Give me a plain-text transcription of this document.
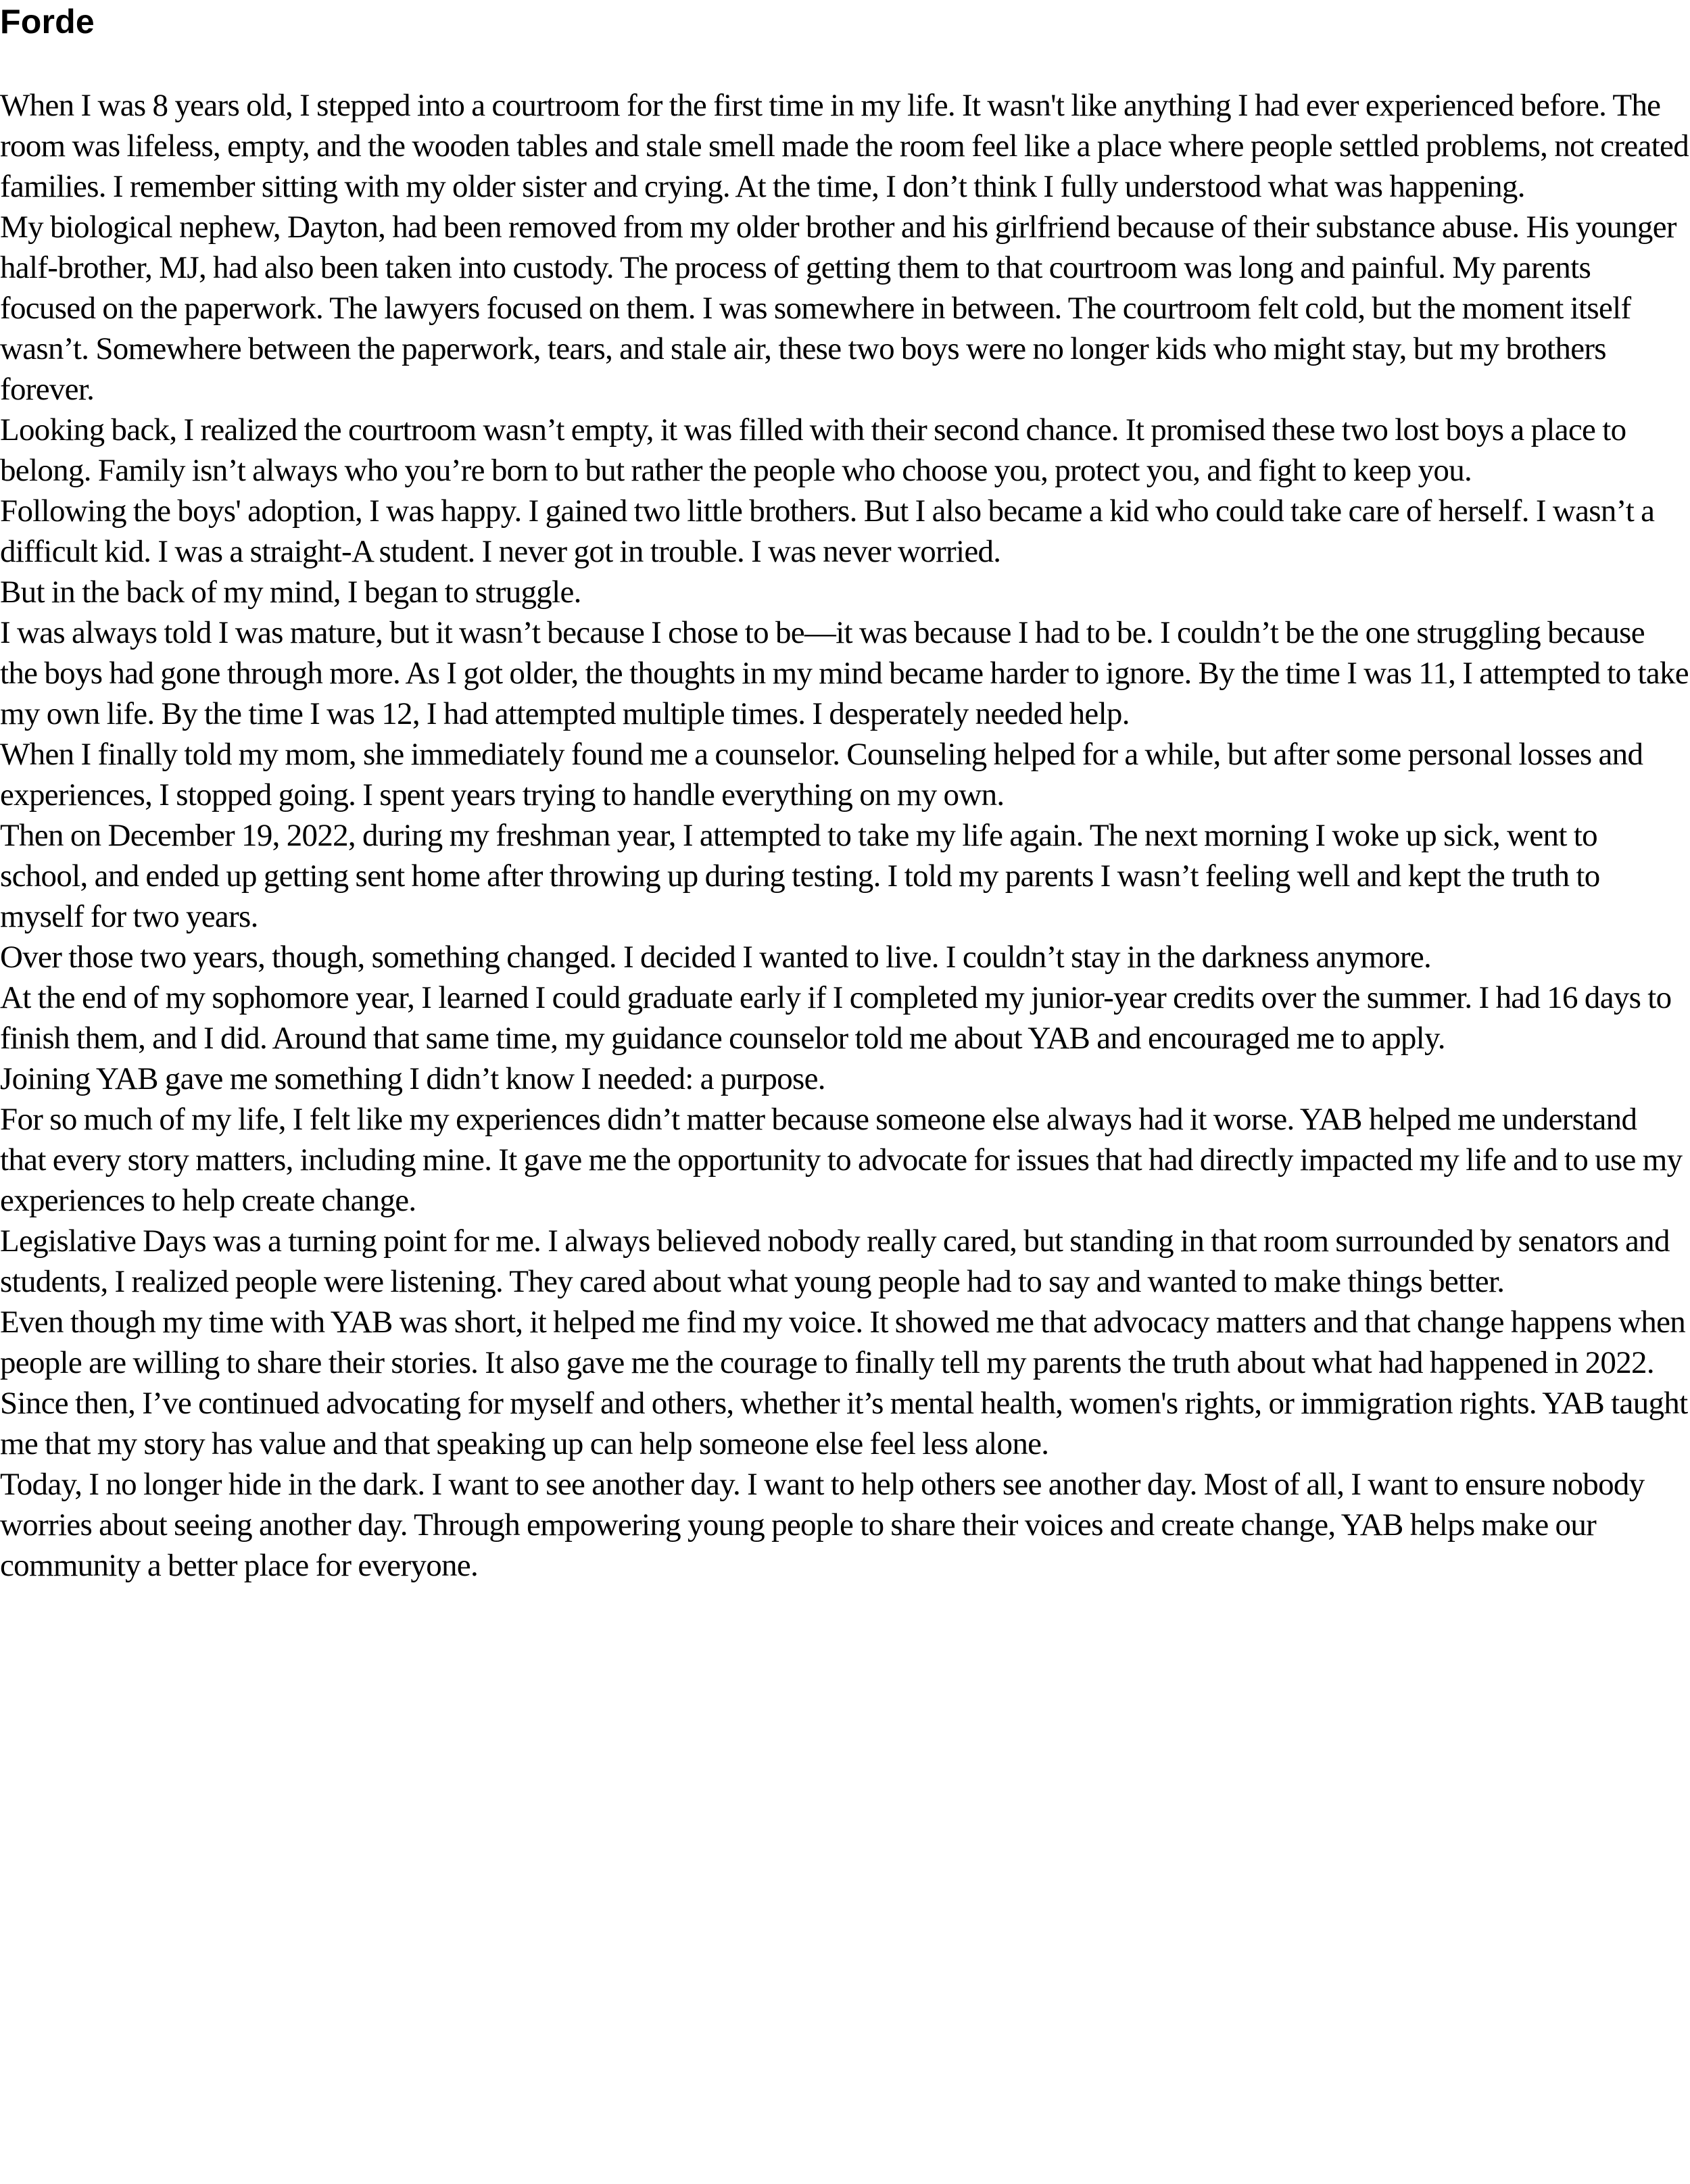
Forde

When I was 8 years old, I stepped into a courtroom for the first time in my life. It wasn't like anything I had ever experienced before. The room was lifeless, empty, and the wooden tables and stale smell made the room feel like a place where people settled problems, not created families. I remember sitting with my older sister and crying. At the time, I don’t think I fully understood what was happening.

My biological nephew, Dayton, had been removed from my older brother and his girlfriend because of their substance abuse. His younger half-brother, MJ, had also been taken into custody. The process of getting them to that courtroom was long and painful. My parents focused on the paperwork. The lawyers focused on them. I was somewhere in between. The courtroom felt cold, but the moment itself wasn’t. Somewhere between the paperwork, tears, and stale air, these two boys were no longer kids who might stay, but my brothers forever.

Looking back, I realized the courtroom wasn’t empty, it was filled with their second chance. It promised these two lost boys a place to belong. Family isn’t always who you’re born to but rather the people who choose you, protect you, and fight to keep you.

Following the boys' adoption, I was happy. I gained two little brothers. But I also became a kid who could take care of herself. I wasn’t a difficult kid. I was a straight-A student. I never got in trouble. I was never worried.

But in the back of my mind, I began to struggle.

I was always told I was mature, but it wasn’t because I chose to be—it was because I had to be. I couldn’t be the one struggling because the boys had gone through more. As I got older, the thoughts in my mind became harder to ignore. By the time I was 11, I attempted to take my own life. By the time I was 12, I had attempted multiple times. I desperately needed help.

When I finally told my mom, she immediately found me a counselor. Counseling helped for a while, but after some personal losses and experiences, I stopped going. I spent years trying to handle everything on my own.

Then on December 19, 2022, during my freshman year, I attempted to take my life again. The next morning I woke up sick, went to school, and ended up getting sent home after throwing up during testing. I told my parents I wasn’t feeling well and kept the truth to myself for two years.

Over those two years, though, something changed. I decided I wanted to live. I couldn’t stay in the darkness anymore.

At the end of my sophomore year, I learned I could graduate early if I completed my junior-year credits over the summer. I had 16 days to finish them, and I did. Around that same time, my guidance counselor told me about YAB and encouraged me to apply.

Joining YAB gave me something I didn’t know I needed: a purpose.

For so much of my life, I felt like my experiences didn’t matter because someone else always had it worse. YAB helped me understand that every story matters, including mine. It gave me the opportunity to advocate for issues that had directly impacted my life and to use my experiences to help create change.

Legislative Days was a turning point for me. I always believed nobody really cared, but standing in that room surrounded by senators and students, I realized people were listening. They cared about what young people had to say and wanted to make things better.

Even though my time with YAB was short, it helped me find my voice. It showed me that advocacy matters and that change happens when people are willing to share their stories. It also gave me the courage to finally tell my parents the truth about what had happened in 2022.

Since then, I’ve continued advocating for myself and others, whether it’s mental health, women's rights, or immigration rights. YAB taught me that my story has value and that speaking up can help someone else feel less alone.

Today, I no longer hide in the dark. I want to see another day. I want to help others see another day. Most of all, I want to ensure nobody worries about seeing another day. Through empowering young people to share their voices and create change, YAB helps make our community a better place for everyone.
